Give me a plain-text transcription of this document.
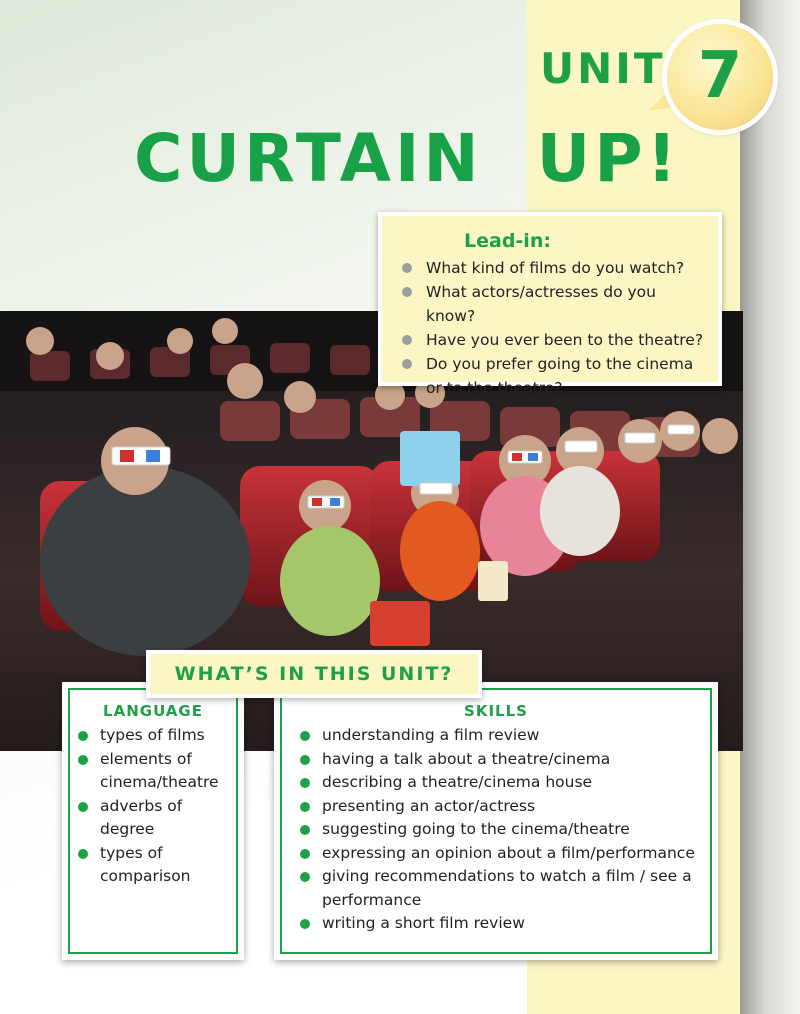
UNIT 7
CURTAIN  UP!
Lead-in:
What kind of films do you watch?
What actors/actresses do you know?
Have you ever been to the theatre?
Do you prefer going to the cinema or to the theatre?
WHAT’S IN THIS UNIT?
LANGUAGE
types of films
elements of cinema/theatre
adverbs of degree
types of comparison
SKILLS
understanding a film review
having a talk about a theatre/cinema
describing a theatre/cinema house
presenting an actor/actress
suggesting going to the cinema/theatre
expressing an opinion about a film/performance
giving recommendations to watch a film / see a performance
writing a short film review
